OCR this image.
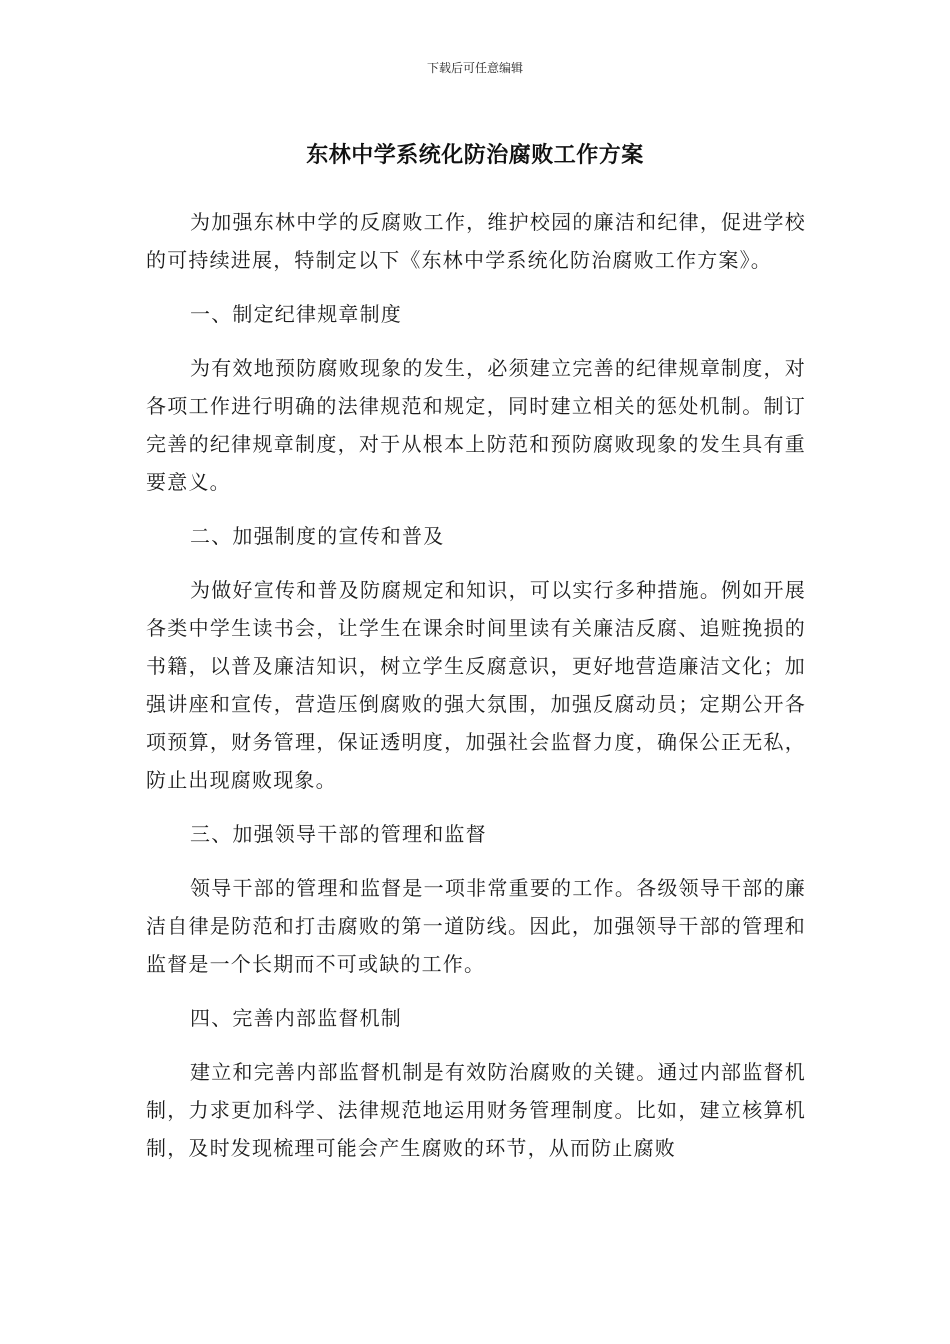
下载后可任意编辑
东林中学系统化防治腐败工作方案

为加强东林中学的反腐败工作，维护校园的廉洁和纪律，促进学校的可持续进展，特制定以下《东林中学系统化防治腐败工作方案》。

一、制定纪律规章制度

为有效地预防腐败现象的发生，必须建立完善的纪律规章制度，对各项工作进行明确的法律规范和规定，同时建立相关的惩处机制。制订完善的纪律规章制度，对于从根本上防范和预防腐败现象的发生具有重要意义。

二、加强制度的宣传和普及

为做好宣传和普及防腐规定和知识，可以实行多种措施。例如开展各类中学生读书会，让学生在课余时间里读有关廉洁反腐、追赃挽损的书籍，以普及廉洁知识，树立学生反腐意识，更好地营造廉洁文化；加强讲座和宣传，营造压倒腐败的强大氛围，加强反腐动员；定期公开各项预算，财务管理，保证透明度，加强社会监督力度，确保公正无私，防止出现腐败现象。

三、加强领导干部的管理和监督

领导干部的管理和监督是一项非常重要的工作。各级领导干部的廉洁自律是防范和打击腐败的第一道防线。因此，加强领导干部的管理和监督是一个长期而不可或缺的工作。

四、完善内部监督机制

建立和完善内部监督机制是有效防治腐败的关键。通过内部监督机制，力求更加科学、法律规范地运用财务管理制度。比如，建立核算机制，及时发现梳理可能会产生腐败的环节，从而防止腐败
